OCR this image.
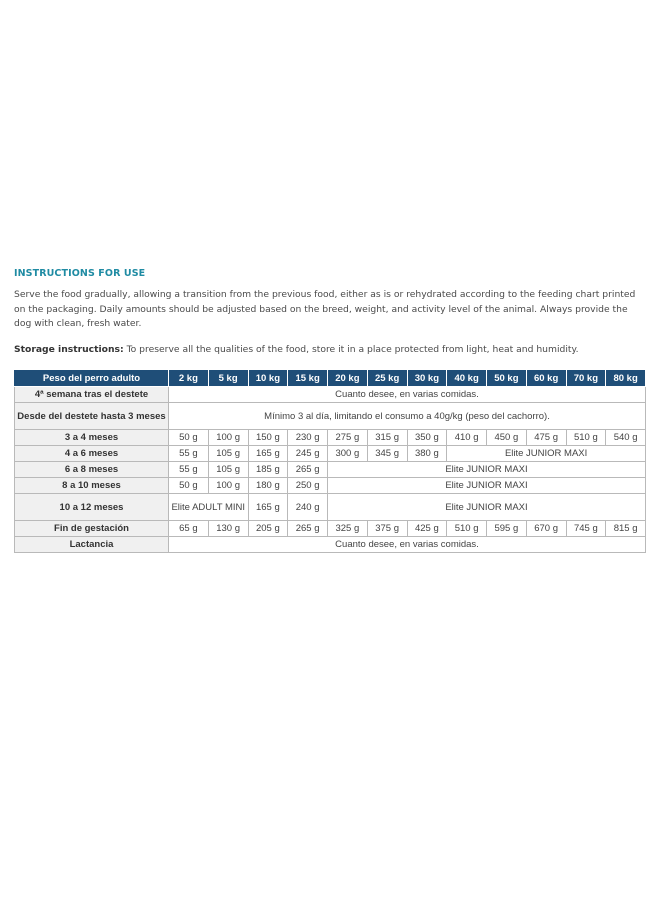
INSTRUCTIONS FOR USE
Serve the food gradually, allowing a transition from the previous food, either as is or rehydrated according to the feeding chart printed on the packaging. Daily amounts should be adjusted based on the breed, weight, and activity level of the animal. Always provide the dog with clean, fresh water.
Storage instructions: To preserve all the qualities of the food, store it in a place protected from light, heat and humidity.
Peso del perro adulto	2 kg	5 kg	10 kg	15 kg	20 kg	25 kg	30 kg	40 kg	50 kg	60 kg	70 kg	80 kg
4ª semana tras el destete	Cuanto desee, en varias comidas.											
Desde del destete hasta 3 meses	Mínimo 3 al día, limitando el consumo a 40g/kg (peso del cachorro).											
3 a 4 meses	50 g	100 g	150 g	230 g	275 g	315 g	350 g	410 g	450 g	475 g	510 g	540 g
4 a 6 meses	55 g	105 g	165 g	245 g	300 g	345 g	380 g	Elite JUNIOR MAXI				
6 a 8 meses	55 g	105 g	185 g	265 g	Elite JUNIOR MAXI							
8 a 10 meses	50 g	100 g	180 g	250 g	Elite JUNIOR MAXI							
10 a 12 meses	Elite ADULT MINI		165 g	240 g	Elite JUNIOR MAXI							
Fin de gestación	65 g	130 g	205 g	265 g	325 g	375 g	425 g	510 g	595 g	670 g	745 g	815 g
Lactancia	Cuanto desee, en varias comidas.											
